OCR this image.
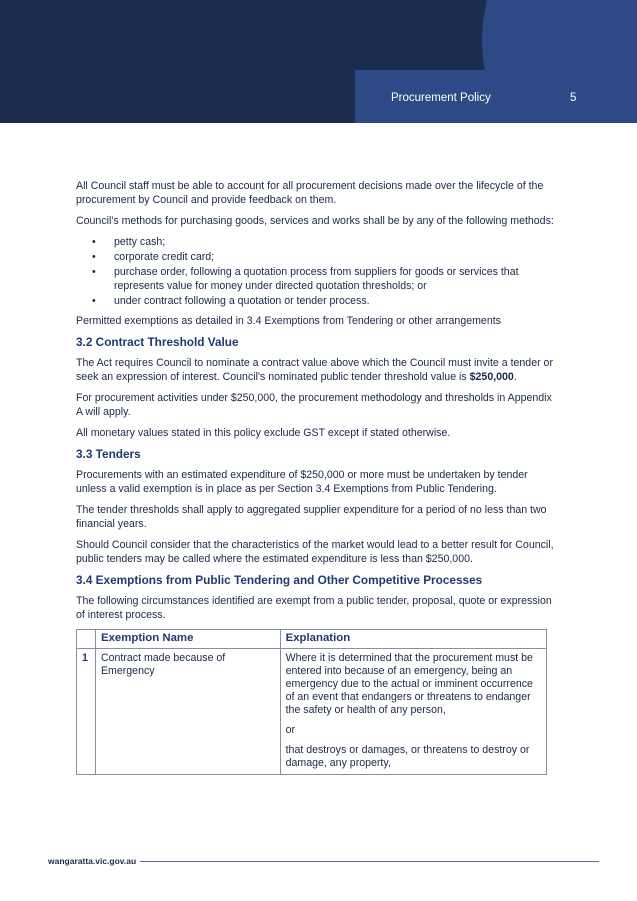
Procurement Policy	5

All Council staff must be able to account for all procurement decisions made over the lifecycle of the procurement by Council and provide feedback on them.

Council's methods for purchasing goods, services and works shall be by any of the following methods:

• petty cash;
• corporate credit card;
• purchase order, following a quotation process from suppliers for goods or services that represents value for money under directed quotation thresholds; or
• under contract following a quotation or tender process.

Permitted exemptions as detailed in 3.4 Exemptions from Tendering or other arrangements

3.2 Contract Threshold Value

The Act requires Council to nominate a contract value above which the Council must invite a tender or seek an expression of interest. Council's nominated public tender threshold value is $250,000.

For procurement activities under $250,000, the procurement methodology and thresholds in Appendix A will apply.

All monetary values stated in this policy exclude GST except if stated otherwise.

3.3 Tenders

Procurements with an estimated expenditure of $250,000 or more must be undertaken by tender unless a valid exemption is in place as per Section 3.4 Exemptions from Public Tendering.

The tender thresholds shall apply to aggregated supplier expenditure for a period of no less than two financial years.

Should Council consider that the characteristics of the market would lead to a better result for Council, public tenders may be called where the estimated expenditure is less than $250,000.

3.4 Exemptions from Public Tendering and Other Competitive Processes

The following circumstances identified are exempt from a public tender, proposal, quote or expression of interest process.

	Exemption Name	Explanation
1	Contract made because of Emergency	Where it is determined that the procurement must be entered into because of an emergency, being an emergency due to the actual or imminent occurrence of an event that endangers or threatens to endanger the safety or health of any person,

or

that destroys or damages, or threatens to destroy or damage, any property,

wangaratta.vic.gov.au
